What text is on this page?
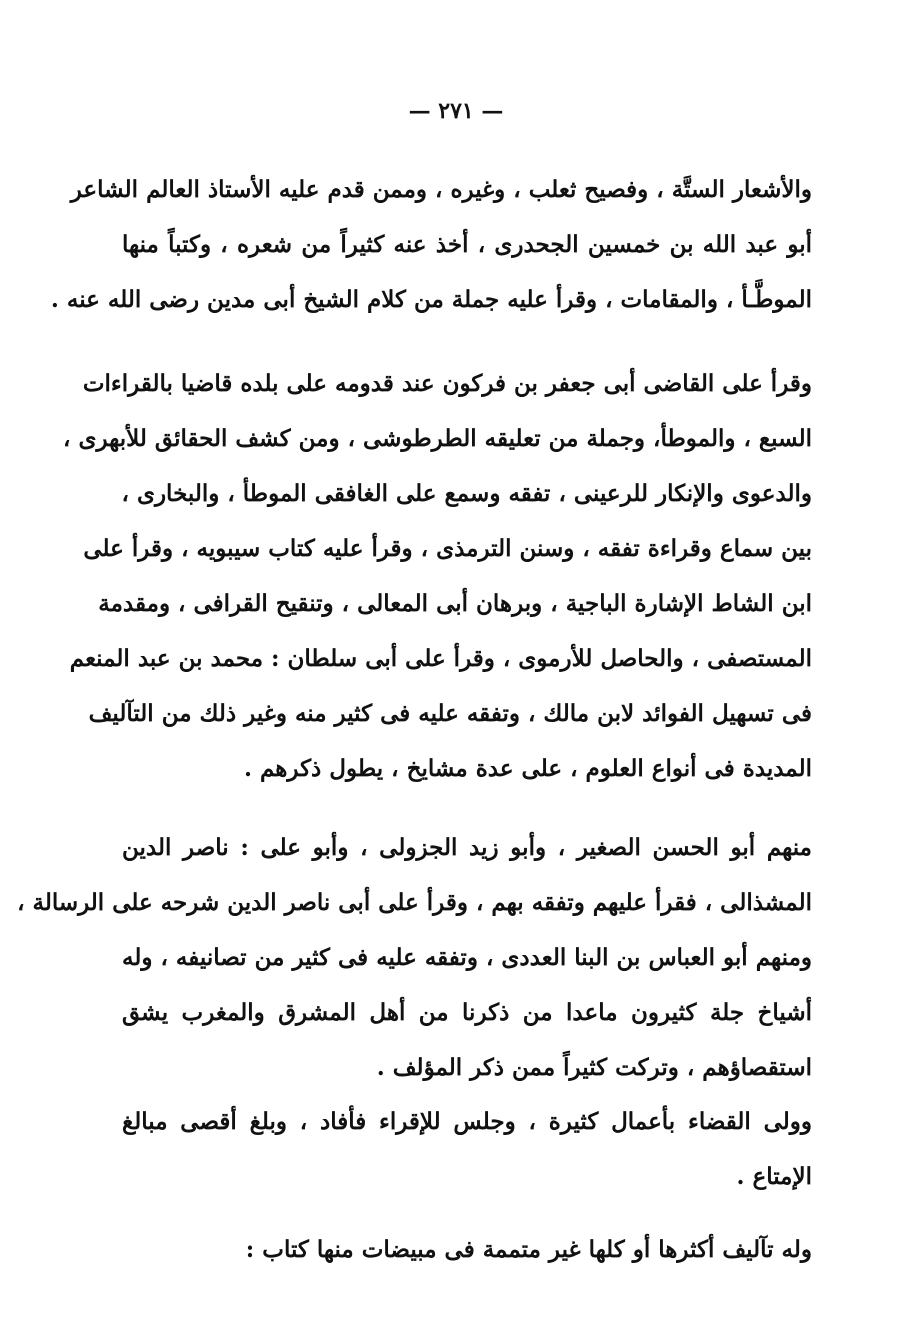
— ٢٧١ —
والأشعار الستَّة ، وفصيح ثعلب ، وغيره ، وممن قدم عليه الأستاذ العالم الشاعر
أبو عبد الله بن خمسين الجحدرى ، أخذ عنه كثيراً من شعره ، وكتباً منها
الموطَّـأ ، والمقامات ، وقرأ عليه جملة من كلام الشيخ أبى مدين رضى الله عنه .
وقرأ على القاضى أبى جعفر بن فركون عند قدومه على بلده قاضيا بالقراءات
السبع ، والموطأ، وجملة من تعليقه الطرطوشى ، ومن كشف الحقائق للأبهرى ،
والدعوى والإنكار للرعينى ، تفقه وسمع على الغافقى الموطأ ، والبخارى ،
بين سماع وقراءة تفقه ، وسنن الترمذى ، وقرأ عليه كتاب سيبويه ، وقرأ على
ابن الشاط الإشارة الباجية ، وبرهان أبى المعالى ، وتنقيح القرافى ، ومقدمة
المستصفى ، والحاصل للأرموى ، وقرأ على أبى سلطان : محمد بن عبد المنعم
فى تسهيل الفوائد لابن مالك ، وتفقه عليه فى كثير منه وغير ذلك من التآليف
المديدة فى أنواع العلوم ، على عدة مشايخ ، يطول ذكرهم .
منهم أبو الحسن الصغير ، وأبو زيد الجزولى ، وأبو على : ناصر الدين
المشذالى ، فقرأ عليهم وتفقه بهم ، وقرأ على أبى ناصر الدين شرحه على الرسالة ،
ومنهم أبو العباس بن البنا العددى ، وتفقه عليه فى كثير من تصانيفه ، وله
أشياخ جلة كثيرون ماعدا من ذكرنا من أهل المشرق والمغرب يشق
استقصاؤهم ، وتركت كثيراً ممن ذكر المؤلف .
وولى القضاء بأعمال كثيرة ، وجلس للإقراء فأفاد ، وبلغ أقصى مبالغ
الإمتاع .
وله تآليف أكثرها أو كلها غير متممة فى مبيضات منها كتاب :
